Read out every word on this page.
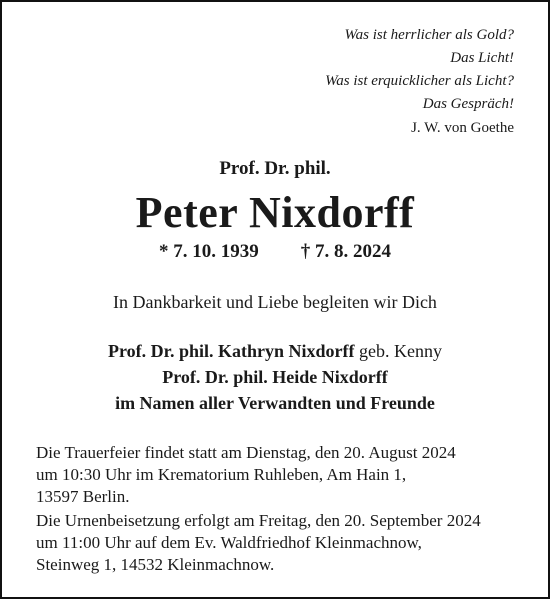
Was ist herrlicher als Gold?
Das Licht!
Was ist erquicklicher als Licht?
Das Gespräch!
J. W. von Goethe
Prof. Dr. phil.
Peter Nixdorff
* 7. 10. 1939 † 7. 8. 2024
In Dankbarkeit und Liebe begleiten wir Dich
Prof. Dr. phil. Kathryn Nixdorff geb. Kenny
Prof. Dr. phil. Heide Nixdorff
im Namen aller Verwandten und Freunde
Die Trauerfeier findet statt am Dienstag, den 20. August 2024
um 10:30 Uhr im Krematorium Ruhleben, Am Hain 1,
13597 Berlin.
Die Urnenbeisetzung erfolgt am Freitag, den 20. September 2024
um 11:00 Uhr auf dem Ev. Waldfriedhof Kleinmachnow,
Steinweg 1, 14532 Kleinmachnow.
